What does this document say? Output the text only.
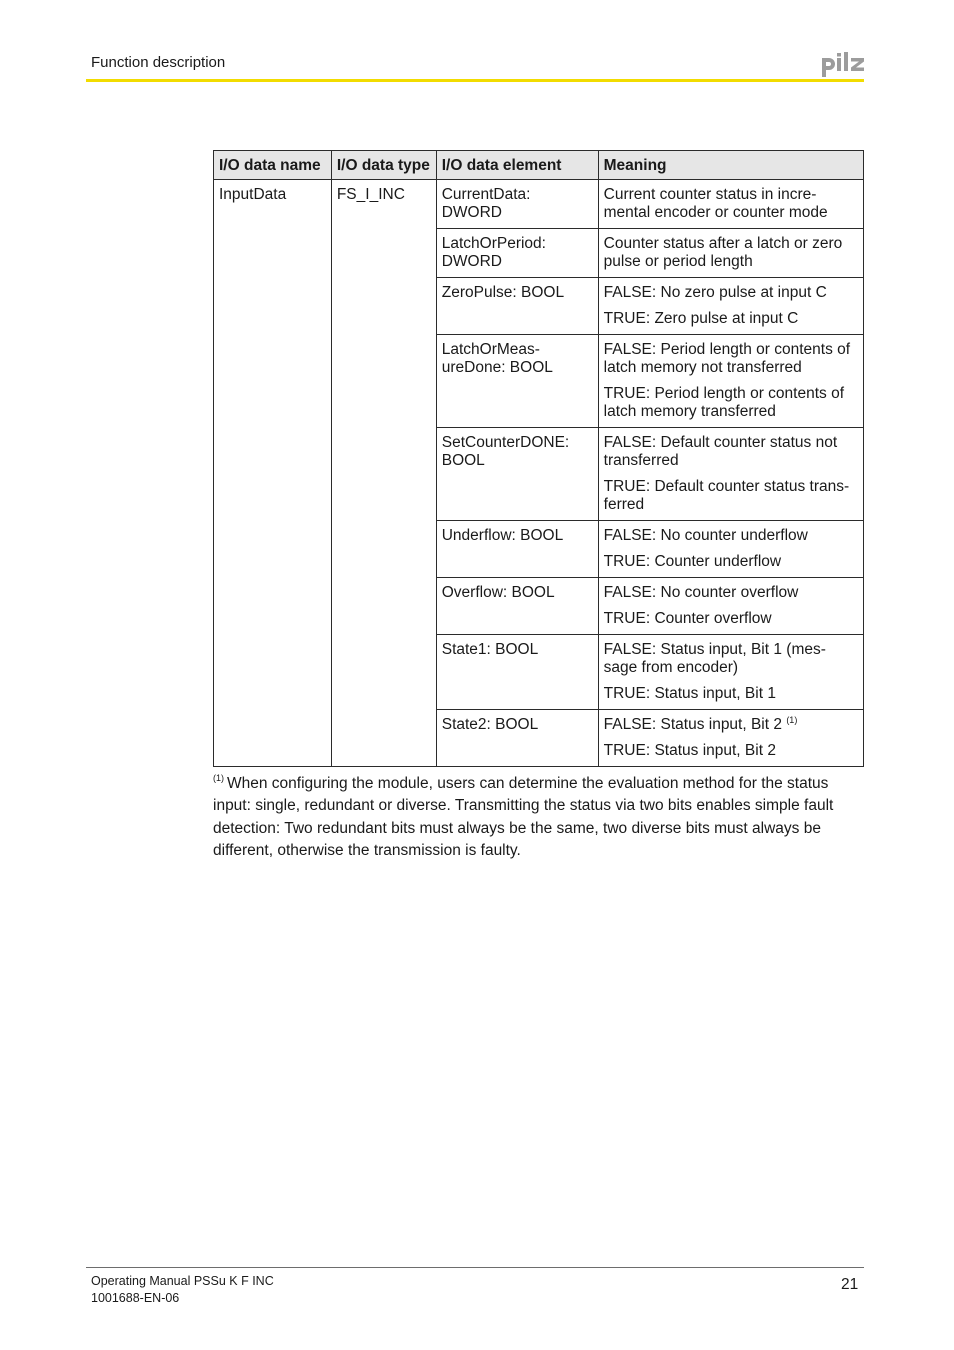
Function description
I/O data name	I/O data type	I/O data element	Meaning
InputData	FS_I_INC	CurrentData: DWORD	Current counter status in incre-mental encoder or counter mode

		LatchOrPeriod: DWORD	Counter status after a latch or zero pulse or period length

		ZeroPulse: BOOL	FALSE: No zero pulse at input C
TRUE: Zero pulse at input C

		LatchOrMeas-ureDone: BOOL	FALSE: Period length or contents of latch memory not transferred
TRUE: Period length or contents of latch memory transferred

		SetCounterDONE: BOOL	FALSE: Default counter status not transferred
TRUE: Default counter status trans-ferred

		Underflow: BOOL	FALSE: No counter underflow
TRUE: Counter underflow

		Overflow: BOOL	FALSE: No counter overflow
TRUE: Counter overflow

		State1: BOOL	FALSE: Status input, Bit 1 (mes-sage from encoder)
TRUE: Status input, Bit 1

		State2: BOOL	FALSE: Status input, Bit 2 $^{(1)}$
TRUE: Status input, Bit 2
$^{(1)}$ When configuring the module, users can determine the evaluation method for the status input: single, redundant or diverse. Transmitting the status via two bits enables simple fault detection: Two redundant bits must always be the same, two diverse bits must always be different, otherwise the transmission is faulty.
Operating Manual PSSu K F INC
1001688-EN-06
21
